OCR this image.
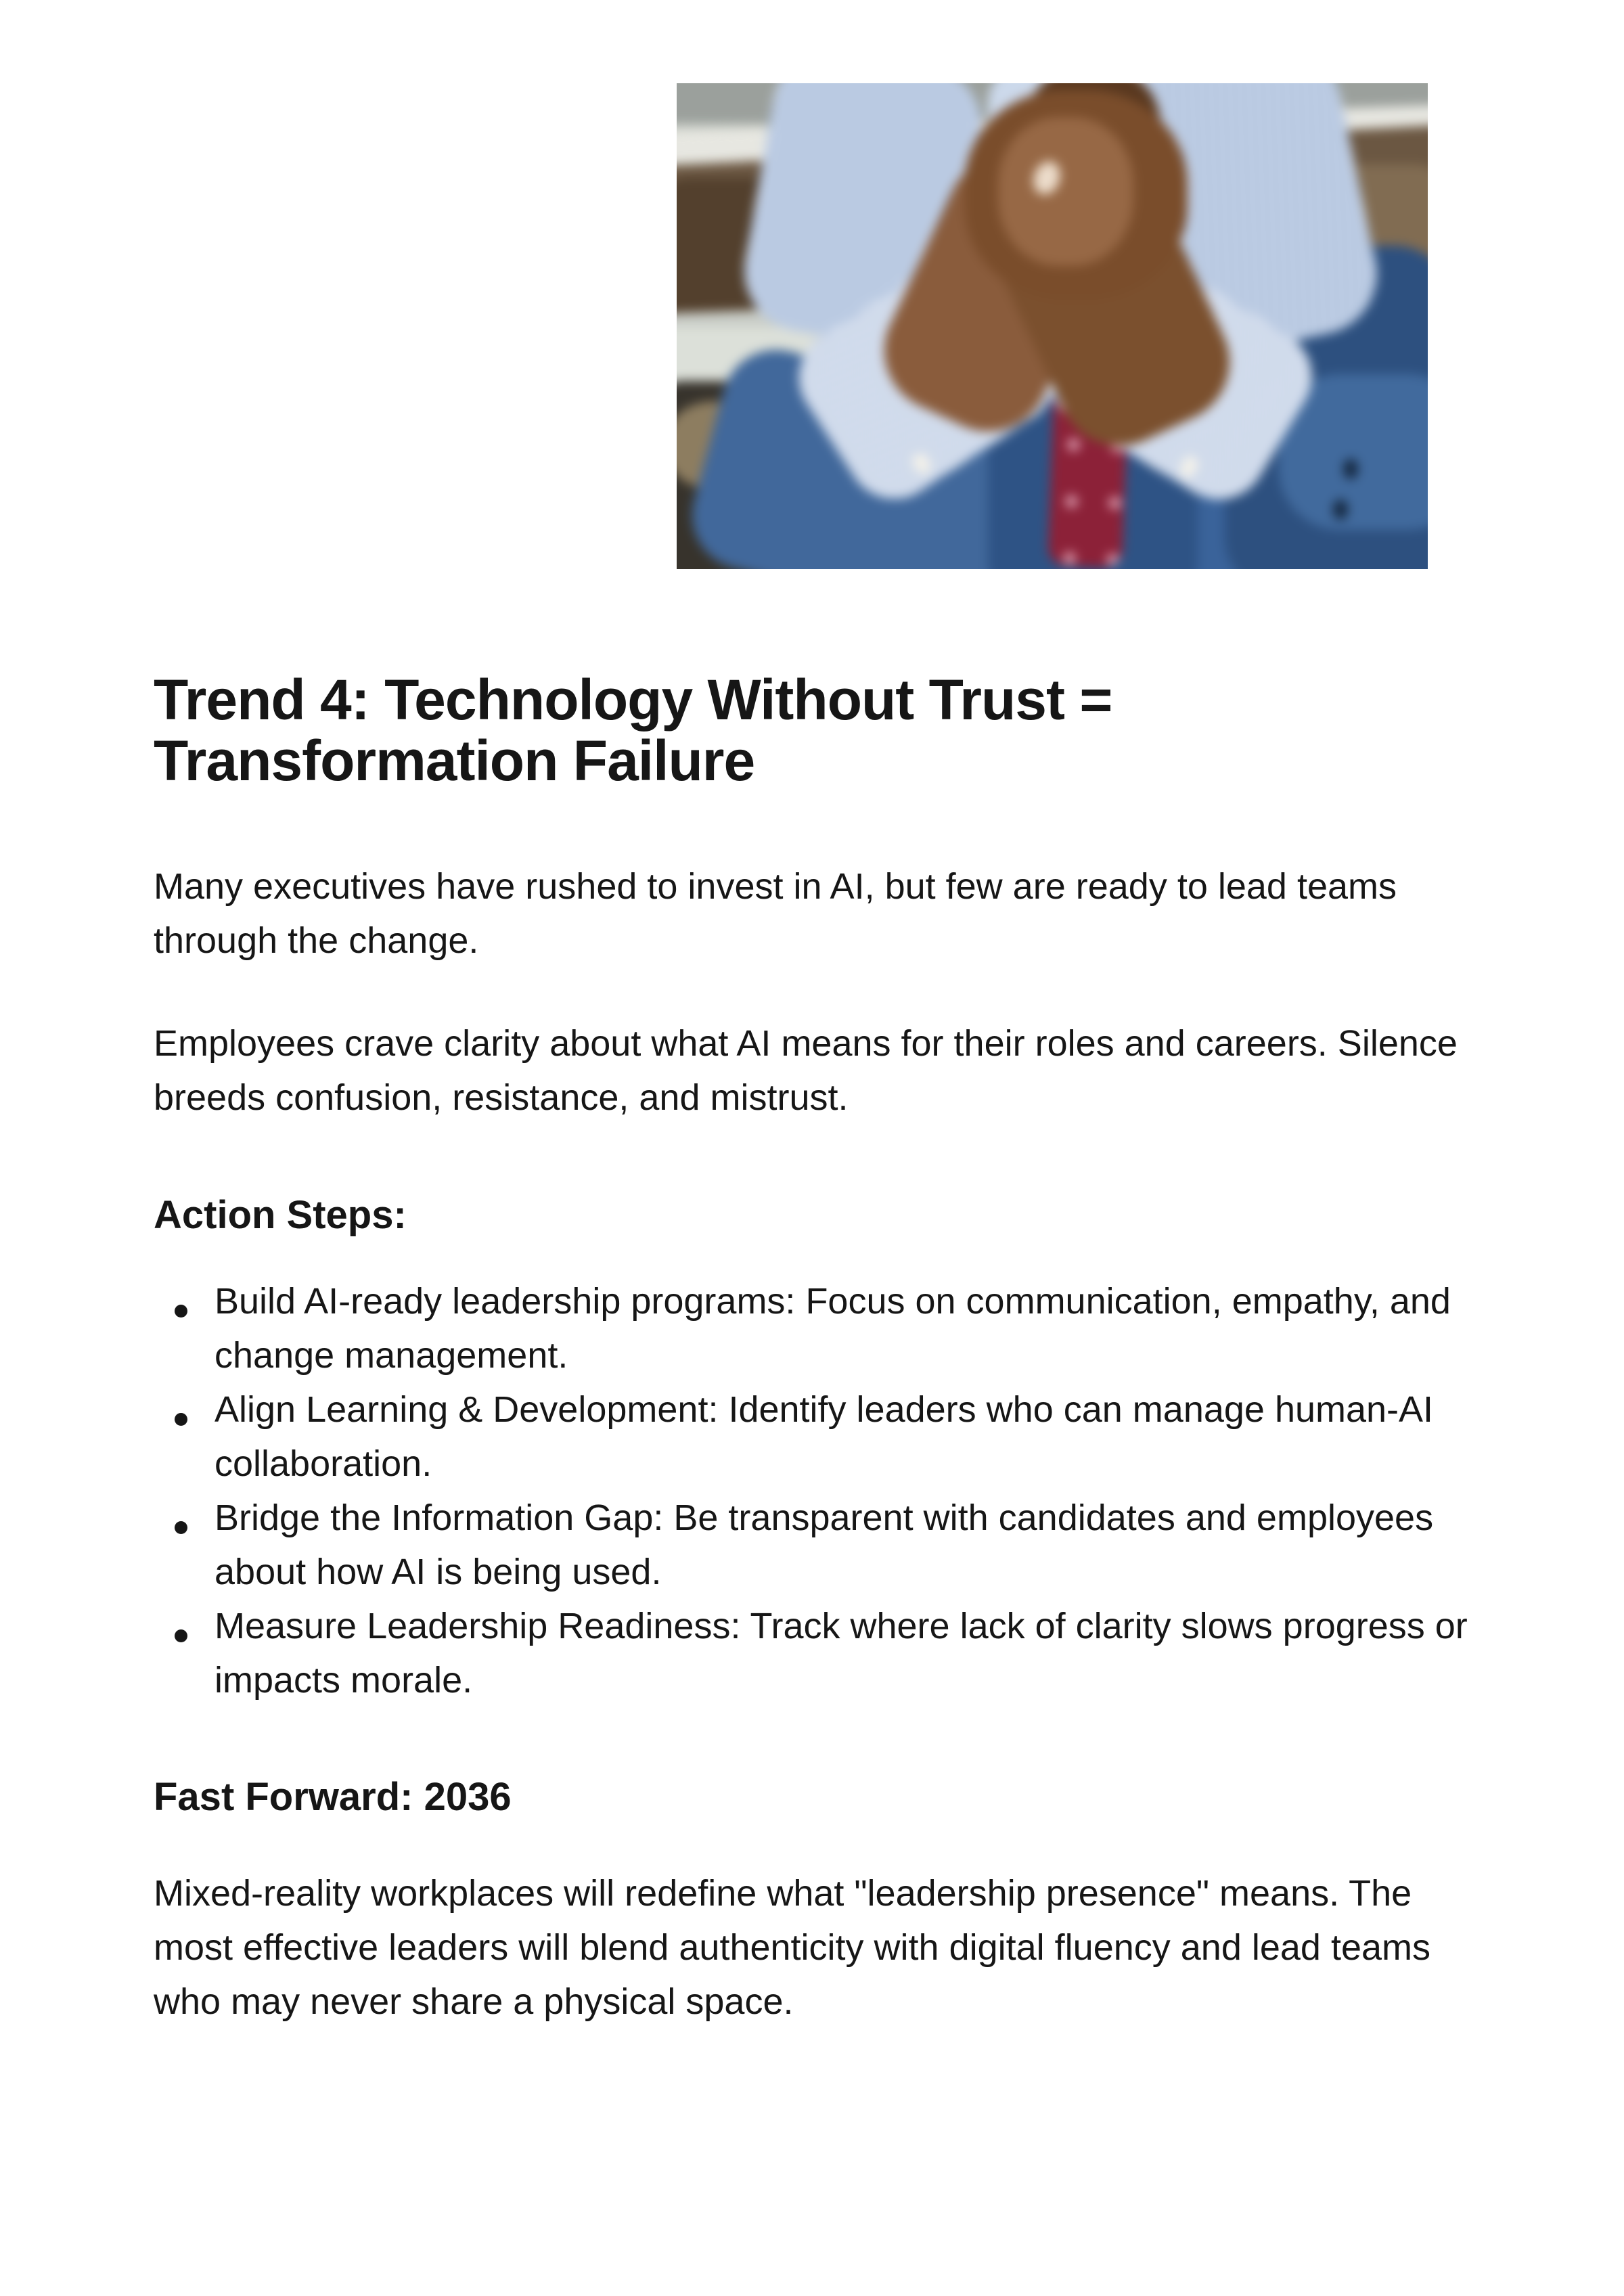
Trend 4: Technology Without Trust = Transformation Failure

Many executives have rushed to invest in AI, but few are ready to lead teams through the change.

Employees crave clarity about what AI means for their roles and careers. Silence breeds confusion, resistance, and mistrust.

Action Steps:
Build AI-ready leadership programs: Focus on communication, empathy, and change management.
Align Learning & Development: Identify leaders who can manage human-AI collaboration.
Bridge the Information Gap: Be transparent with candidates and employees about how AI is being used.
Measure Leadership Readiness: Track where lack of clarity slows progress or impacts morale.
Fast Forward: 2036

Mixed-reality workplaces will redefine what "leadership presence" means. The most effective leaders will blend authenticity with digital fluency and lead teams who may never share a physical space.
